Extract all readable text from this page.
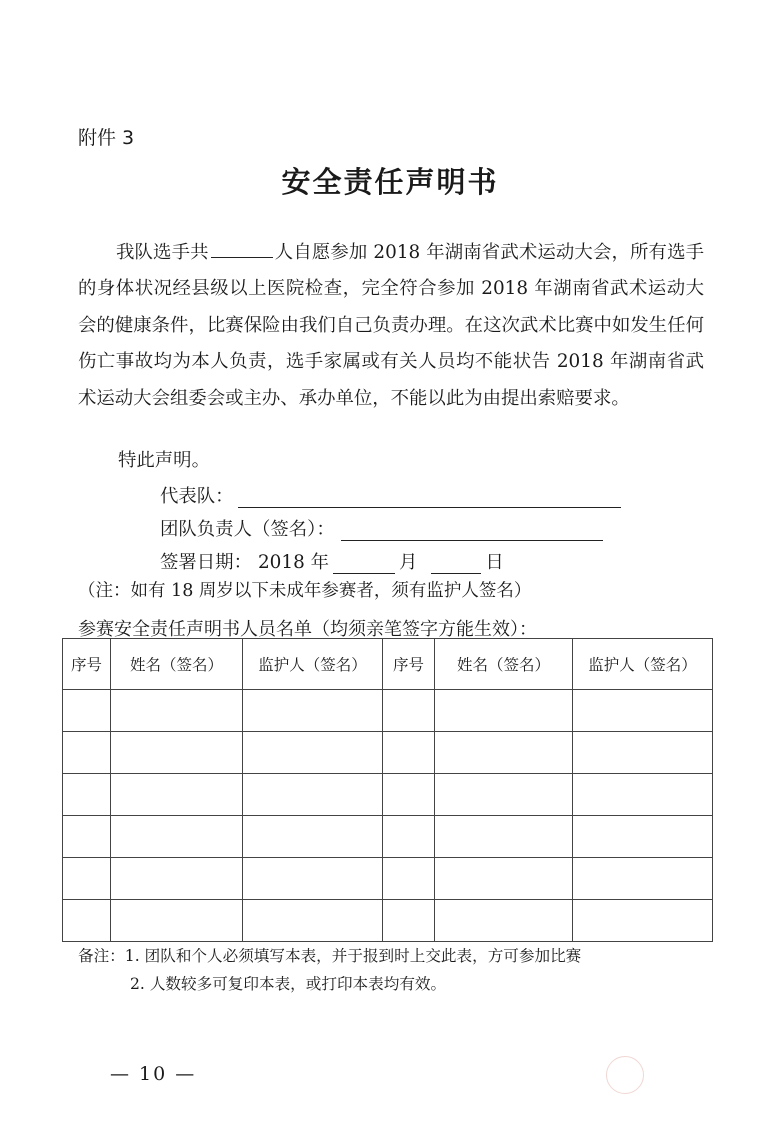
附件 3
安全责任声明书

我队选手共	人自愿参加 2018 年湖南省武术运动大会，所有选手的身体状况经县级以上医院检查，完全符合参加 2018 年湖南省武术运动大会的健康条件，比赛保险由我们自己负责办理。在这次武术比赛中如发生任何伤亡事故均为本人负责，选手家属或有关人员均不能状告 2018 年湖南省武术运动大会组委会或主办、承办单位，不能以此为由提出索赔要求。

特此声明。
代表队：
团队负责人（签名）：
签署日期： 2018 年	月	日
（注：如有 18 周岁以下未成年参赛者，须有监护人签名）
参赛安全责任声明书人员名单（均须亲笔签字方能生效）：
序号	姓名（签名）	监护人（签名）	序号	姓名（签名）	监护人（签名）

备注：1. 团队和个人必须填写本表，并于报到时上交此表，方可参加比赛
2. 人数较多可复印本表，或打印本表均有效。
— 10 —
